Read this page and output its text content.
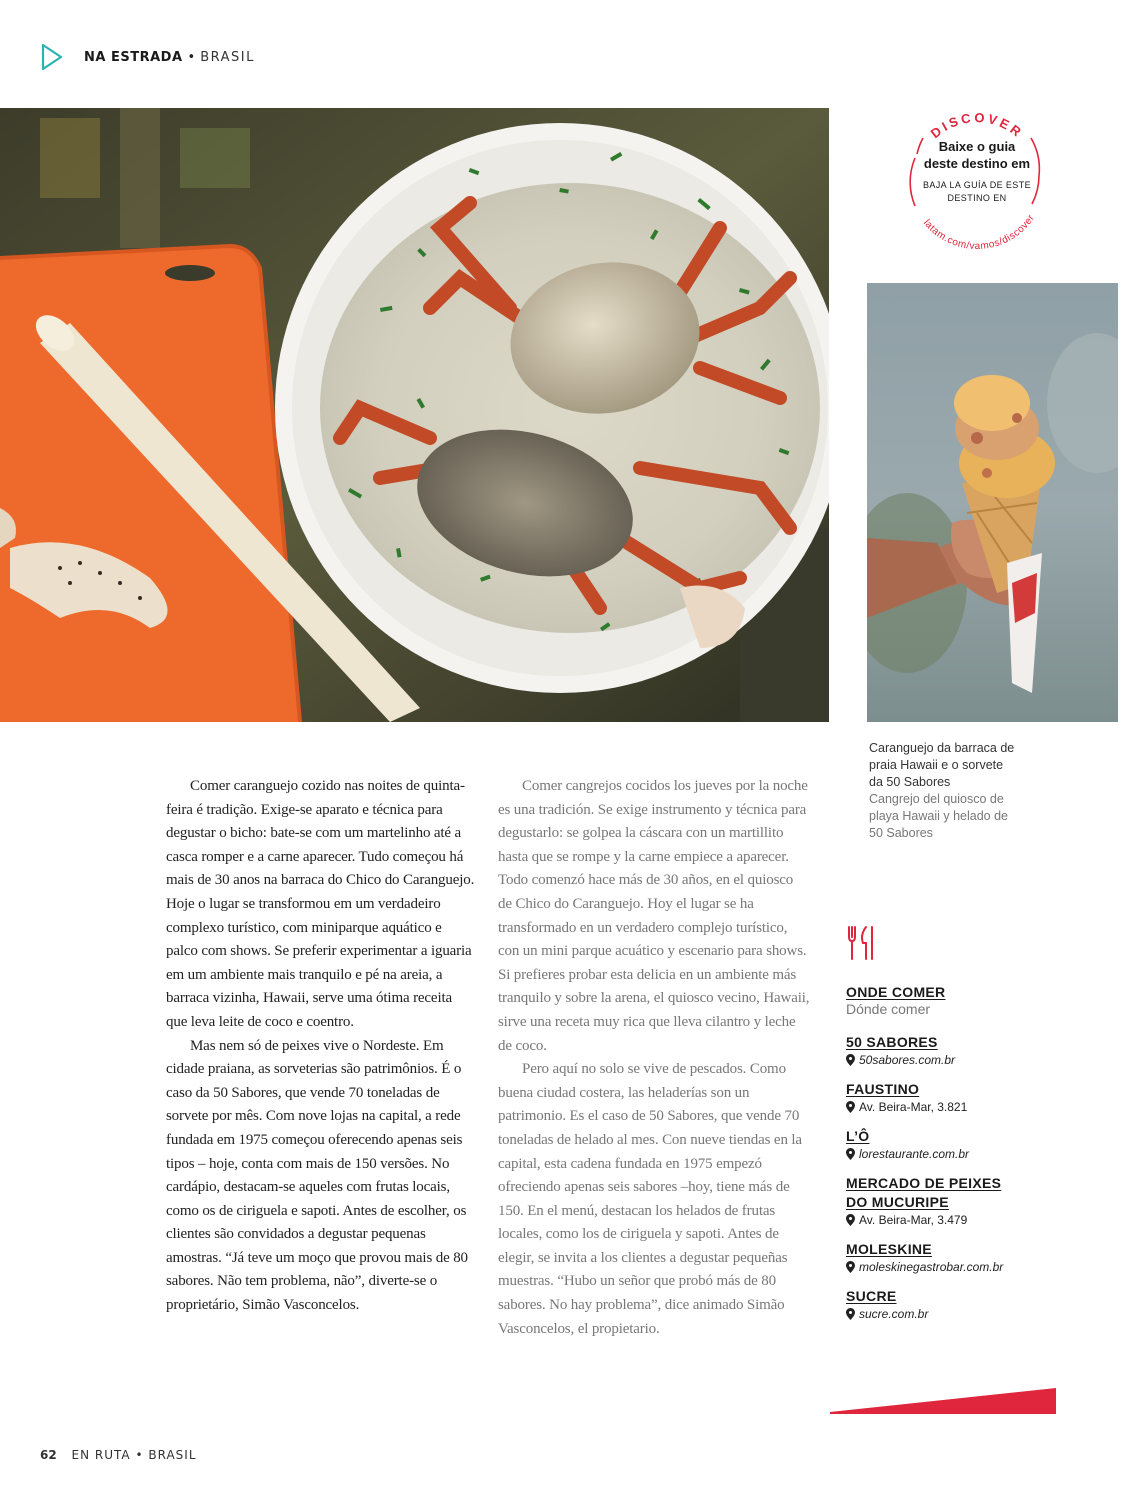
NA ESTRADA • BRASIL
DISCOVER
latam.com/vamos/discover
Baixe o guia
deste destino em
BAJA LA GUÍA DE ESTE
DESTINO EN
Caranguejo da barraca de praia Hawaii e o sorvete da 50 Sabores
Cangrejo del quiosco de playa Hawaii y helado de 50 Sabores

Comer caranguejo cozido nas noites de quinta-feira é tradição. Exige-se aparato e técnica para degustar o bicho: bate-se com um martelinho até a casca romper e a carne aparecer. Tudo começou há mais de 30 anos na barraca do Chico do Caranguejo. Hoje o lugar se transformou em um verdadeiro complexo turístico, com miniparque aquático e palco com shows. Se preferir experimentar a iguaria em um ambiente mais tranquilo e pé na areia, a barraca vizinha, Hawaii, serve uma ótima receita que leva leite de coco e coentro.

Mas nem só de peixes vive o Nordeste. Em cidade praiana, as sorveterias são patrimônios. É o caso da 50 Sabores, que vende 70 toneladas de sorvete por mês. Com nove lojas na capital, a rede fundada em 1975 começou oferecendo apenas seis tipos – hoje, conta com mais de 150 versões. No cardápio, destacam-se aqueles com frutas locais, como os de ciriguela e sapoti. Antes de escolher, os clientes são convidados a degustar pequenas amostras. “Já teve um moço que provou mais de 80 sabores. Não tem problema, não”, diverte-se o proprietário, Simão Vasconcelos.

Comer cangrejos cocidos los jueves por la noche es una tradición. Se exige instrumento y técnica para degustarlo: se golpea la cáscara con un martillito hasta que se rompe y la carne empiece a aparecer. Todo comenzó hace más de 30 años, en el quiosco de Chico do Caranguejo. Hoy el lugar se ha transformado en un verdadero complejo turístico, con un mini parque acuático y escenario para shows. Si prefieres probar esta delicia en un ambiente más tranquilo y sobre la arena, el quiosco vecino, Hawaii, sirve una receta muy rica que lleva cilantro y leche de coco.

Pero aquí no solo se vive de pescados. Como buena ciudad costera, las heladerías son un patrimonio. Es el caso de 50 Sabores, que vende 70 toneladas de helado al mes. Con nueve tiendas en la capital, esta cadena fundada en 1975 empezó ofreciendo apenas seis sabores –hoy, tiene más de 150. En el menú, destacan los helados de frutas locales, como los de ciriguela y sapoti. Antes de elegir, se invita a los clientes a degustar pequeñas muestras. “Hubo un señor que probó más de 80 sabores. No hay problema”, dice animado Simão Vasconcelos, el propietario.

ONDE COMER
Dónde comer
50 SABORES
50sabores.com.br
FAUSTINO
Av. Beira-Mar, 3.821
L’Ô
lorestaurante.com.br
MERCADO DE PEIXES DO MUCURIPE
Av. Beira-Mar, 3.479
MOLESKINE
moleskinegastrobar.com.br
SUCRE
sucre.com.br
62 EN RUTA • BRASIL
